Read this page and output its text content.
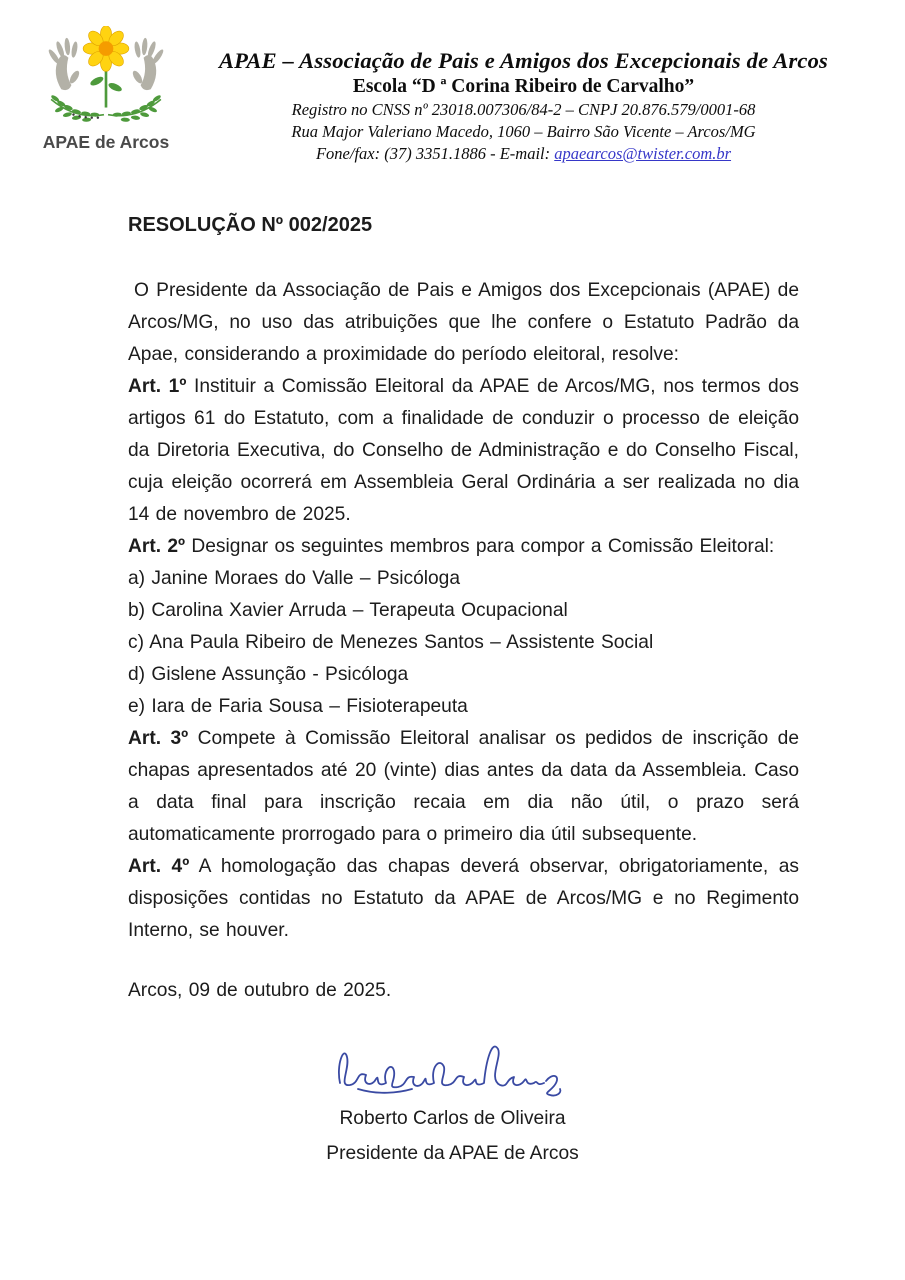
APAE de Arcos
APAE – Associação de Pais e Amigos dos Excepcionais de Arcos
Escola “D ª Corina Ribeiro de Carvalho”
Registro no CNSS nº 23018.007306/84-2 – CNPJ 20.876.579/0001-68
Rua Major Valeriano Macedo, 1060 – Bairro São Vicente – Arcos/MG
Fone/fax: (37) 3351.1886 - E-mail: apaearcos@twister.com.br

RESOLUÇÃO Nº 002/2025

O Presidente da Associação de Pais e Amigos dos Excepcionais (APAE) de Arcos/MG, no uso das atribuições que lhe confere o Estatuto Padrão da Apae, considerando a proximidade do período eleitoral, resolve:

Art. 1º Instituir a Comissão Eleitoral da APAE de Arcos/MG, nos termos dos artigos 61 do Estatuto, com a finalidade de conduzir o processo de eleição da Diretoria Executiva, do Conselho de Administração e do Conselho Fiscal, cuja eleição ocorrerá em Assembleia Geral Ordinária a ser realizada no dia 14 de novembro de 2025.

Art. 2º Designar os seguintes membros para compor a Comissão Eleitoral:

a) Janine Moraes do Valle – Psicóloga

b) Carolina Xavier Arruda – Terapeuta Ocupacional

c) Ana Paula Ribeiro de Menezes Santos – Assistente Social

d) Gislene Assunção - Psicóloga

e) Iara de Faria Sousa – Fisioterapeuta

Art. 3º Compete à Comissão Eleitoral analisar os pedidos de inscrição de chapas apresentados até 20 (vinte) dias antes da data da Assembleia. Caso a data final para inscrição recaia em dia não útil, o prazo será automaticamente prorrogado para o primeiro dia útil subsequente.

Art. 4º A homologação das chapas deverá observar, obrigatoriamente, as disposições contidas no Estatuto da APAE de Arcos/MG e no Regimento Interno, se houver.

Arcos, 09 de outubro de 2025.

Roberto Carlos de Oliveira
Presidente da APAE de Arcos
